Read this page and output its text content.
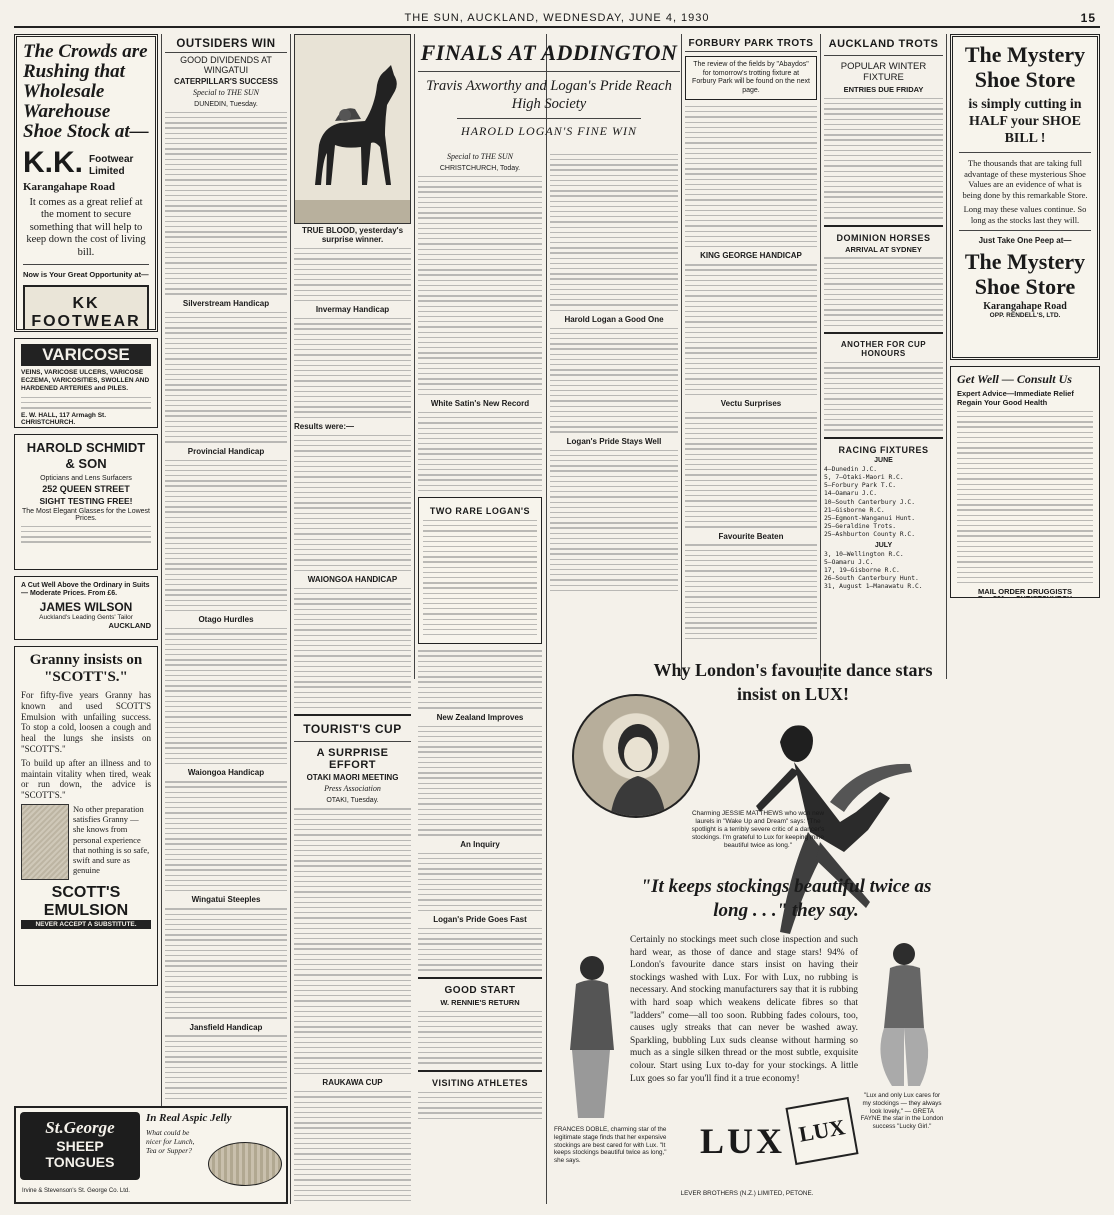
THE SUN, AUCKLAND, WEDNESDAY, JUNE 4, 1930	15
The Crowds are Rushing that Wholesale Warehouse Shoe Stock at—
K.K. Footwear Limited
Karangahape Road
It comes as a great relief at the moment to secure something that will help to keep down the cost of living bill.
Now is Your Great Opportunity at—
KK FOOTWEAR
VARICOSE
VEINS, VARICOSE ULCERS, VARICOSE ECZEMA, VARICOSITIES, SWOLLEN AND HARDENED ARTERIES and PILES.
E. W. HALL, 117 Armagh St. CHRISTCHURCH.
HAROLD SCHMIDT & SON
Opticians and Lens Surfacers
252 QUEEN STREET
SIGHT TESTING FREE!
The Most Elegant Glasses for the Lowest Prices.
A Cut Well Above the Ordinary in Suits — Moderate Prices. From £6.
JAMES WILSON
Auckland's Leading Gents' Tailor
AUCKLAND
Granny insists on "SCOTT'S."
For fifty-five years Granny has known and used SCOTT'S Emulsion with unfailing success. To stop a cold, loosen a cough and heal the lungs she insists on "SCOTT'S."
To build up after an illness and to maintain vitality when tired, weak or run down, the advice is "SCOTT'S."
No other preparation satisfies Granny — she knows from personal experience that nothing is so safe, swift and sure as genuine
SCOTT'S EMULSION
NEVER ACCEPT A SUBSTITUTE.
St.George
SHEEP TONGUES
In Real Aspic Jelly
What could be nicer for Lunch, Tea or Supper?
Irvine & Stevenson's St. George Co. Ltd.
OUTSIDERS WIN
GOOD DIVIDENDS AT WINGATUI
CATERPILLAR'S SUCCESS
Special to THE SUN
DUNEDIN, Tuesday.
Silverstream Handicap
Provincial Handicap
Otago Hurdles
Waiongoa Handicap
Wingatui Steeples
Jansfield Handicap
TRUE BLOOD, yesterday's surprise winner.
Invermay Handicap
Results were:—
WAIONGOA HANDICAP
TOURIST'S CUP
A SURPRISE EFFORT
OTAKI MAORI MEETING
Press Association
OTAKI, Tuesday.
RAUKAWA CUP
FINALS AT ADDINGTON
Travis Axworthy and Logan's Pride Reach High Society
HAROLD LOGAN'S FINE WIN
Special to THE SUN
CHRISTCHURCH, Today.
White Satin's New Record
TWO RARE LOGAN'S
New Zealand Improves
An Inquiry
Logan's Pride Goes Fast
GOOD START
W. RENNIE'S RETURN
VISITING ATHLETES
Harold Logan a Good One
Logan's Pride Stays Well
FORBURY PARK TROTS
The review of the fields by "Abaydos" for tomorrow's trotting fixture at Forbury Park will be found on the next page.
KING GEORGE HANDICAP
Vectu Surprises
Favourite Beaten
AUCKLAND TROTS
POPULAR WINTER FIXTURE
ENTRIES DUE FRIDAY
DOMINION HORSES
ARRIVAL AT SYDNEY
ANOTHER FOR CUP HONOURS
RACING FIXTURES
JUNE
4—Dunedin J.C.
5, 7—Otaki-Maori R.C.
5—Forbury Park T.C.
14—Oamaru J.C.
10—South Canterbury J.C.
21—Gisborne R.C.
25—Egmont-Wanganui Hunt.
25—Geraldine Trots.
25—Ashburton County R.C.
JULY
3, 10—Wellington R.C.
5—Oamaru J.C.
17, 19—Gisborne R.C.
26—South Canterbury Hunt.
31, August 1—Manawatu R.C.
The Mystery Shoe Store
is simply cutting in HALF your SHOE BILL !
The thousands that are taking full advantage of these mysterious Shoe Values are an evidence of what is being done by this remarkable Store.
Long may these values continue. So long as the stocks last they will.
Just Take One Peep at—
The Mystery Shoe Store
Karangahape Road
OPP. RENDELL'S, LTD.
Get Well — Consult Us
Expert Advice—Immediate Relief
Regain Your Good Health
MAIL ORDER DRUGGISTS
Why London's favourite dance stars insist on LUX!
Charming JESSIE MATTHEWS who won new laurels in "Wake Up and Dream" says: "The spotlight is a terribly severe critic of a dancer's stockings. I'm grateful to Lux for keeping mine beautiful twice as long."
"It keeps stockings beautiful twice as long . . ." they say.
Certainly no stockings meet such close inspection and such hard wear, as those of dance and stage stars! 94% of London's favourite dance stars insist on having their stockings washed with Lux. For with Lux, no rubbing is necessary. And stocking manufacturers say that it is rubbing with hard soap which weakens delicate fibres so that "ladders" come—all too soon. Rubbing fades colours, too, causes ugly streaks that can never be washed away. Sparkling, bubbling Lux suds cleanse without harming so much as a single silken thread or the most subtle, exquisite colour. Start using Lux to-day for your stockings. A little Lux goes so far you'll find it a true economy!
FRANCES DOBLE, charming star of the legitimate stage finds that her expensive stockings are best cared for with Lux. "It keeps stockings beautiful twice as long," she says.
"Lux and only Lux cares for my stockings — they always look lovely," — GRETA FAYNE the star in the London success "Lucky Girl."
LUX LUX
LEVER BROTHERS (N.Z.) LIMITED, PETONE.
